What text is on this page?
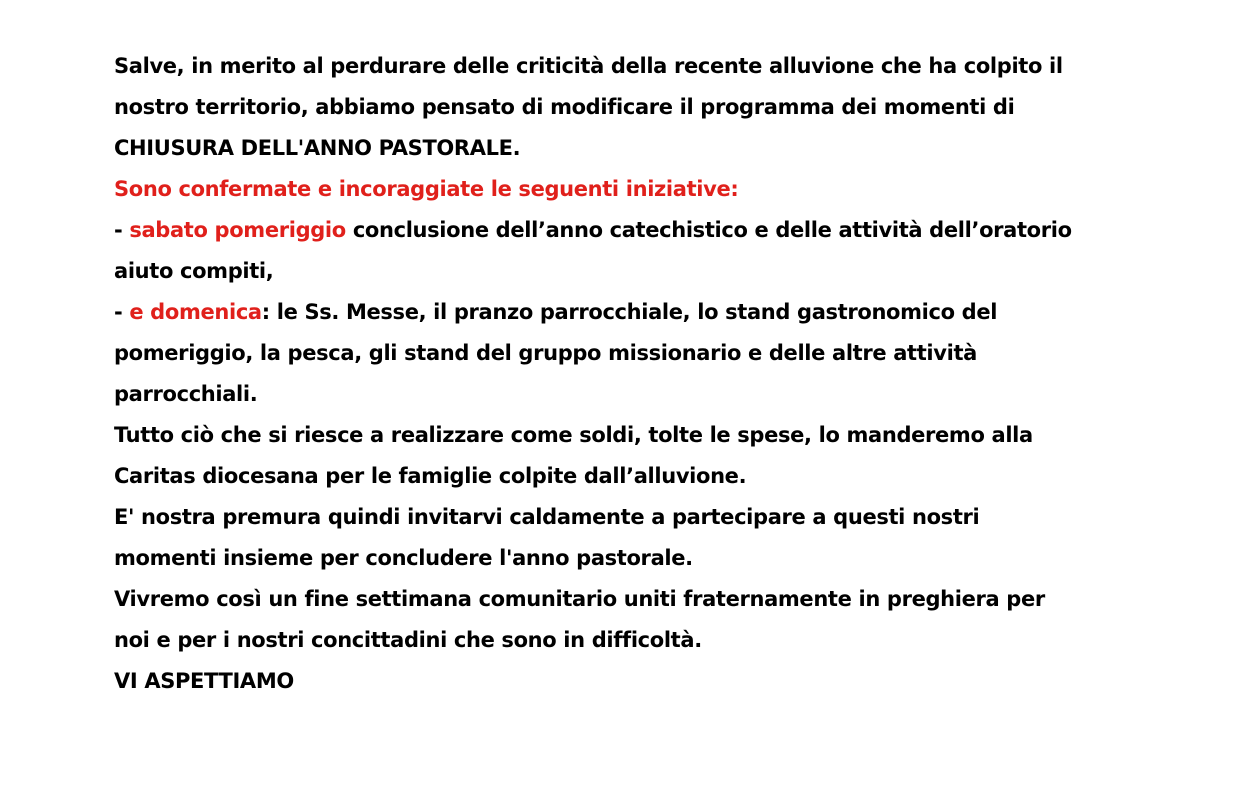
Salve, in merito al perdurare delle criticità della recente alluvione che ha colpito il
nostro territorio, abbiamo pensato di modificare il programma dei momenti di
CHIUSURA DELL'ANNO PASTORALE.
Sono confermate e incoraggiate le seguenti iniziative:
- sabato pomeriggio conclusione dell’anno catechistico e delle attività dell’oratorio
aiuto compiti,
- e domenica: le Ss. Messe, il pranzo parrocchiale, lo stand gastronomico del
pomeriggio, la pesca, gli stand del gruppo missionario e delle altre attività
parrocchiali.
Tutto ciò che si riesce a realizzare come soldi, tolte le spese, lo manderemo alla
Caritas diocesana per le famiglie colpite dall’alluvione.
E' nostra premura quindi invitarvi caldamente a partecipare a questi nostri
momenti insieme per concludere l'anno pastorale.
Vivremo così un fine settimana comunitario uniti fraternamente in preghiera per
noi e per i nostri concittadini che sono in difficoltà.
VI ASPETTIAMO
